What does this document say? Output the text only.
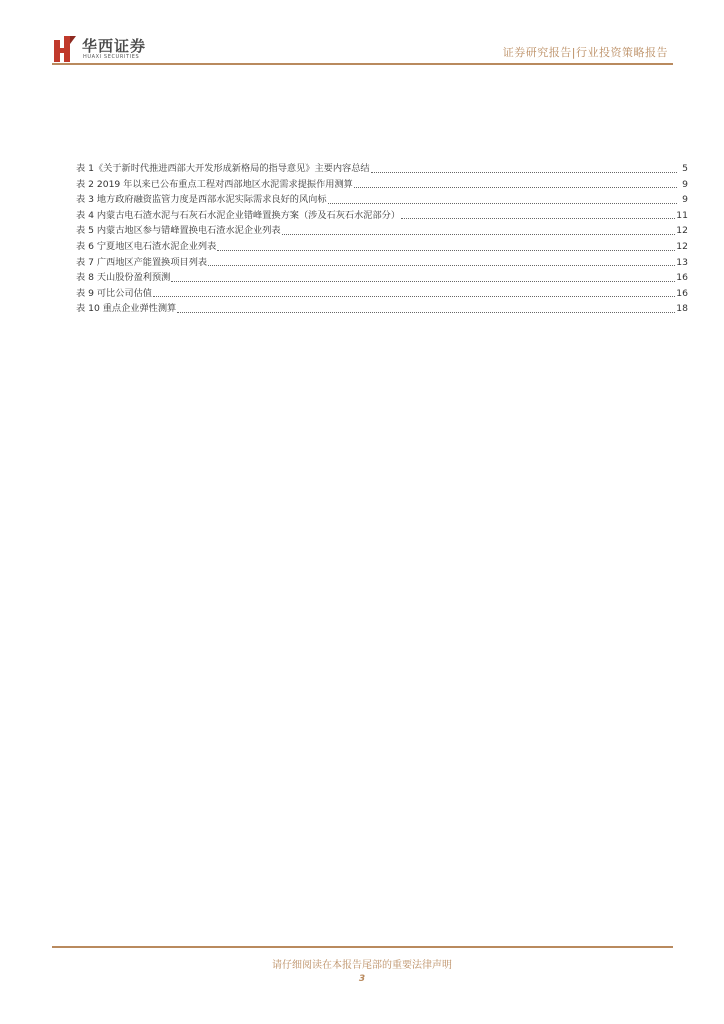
华西证券
HUAXI SECURITIES	证券研究报告|行业投资策略报告
表 1《关于新时代推进西部大开发形成新格局的指导意见》主要内容总结	5
表 2 2019 年以来已公布重点工程对西部地区水泥需求提振作用测算	9
表 3 地方政府融资监管力度是西部水泥实际需求良好的风向标	9
表 4 内蒙古电石渣水泥与石灰石水泥企业错峰置换方案（涉及石灰石水泥部分）	11
表 5 内蒙古地区参与错峰置换电石渣水泥企业列表	12
表 6 宁夏地区电石渣水泥企业列表	12
表 7 广西地区产能置换项目列表	13
表 8 天山股份盈利预测	16
表 9 可比公司估值	16
表 10 重点企业弹性测算	18
请仔细阅读在本报告尾部的重要法律声明
3
